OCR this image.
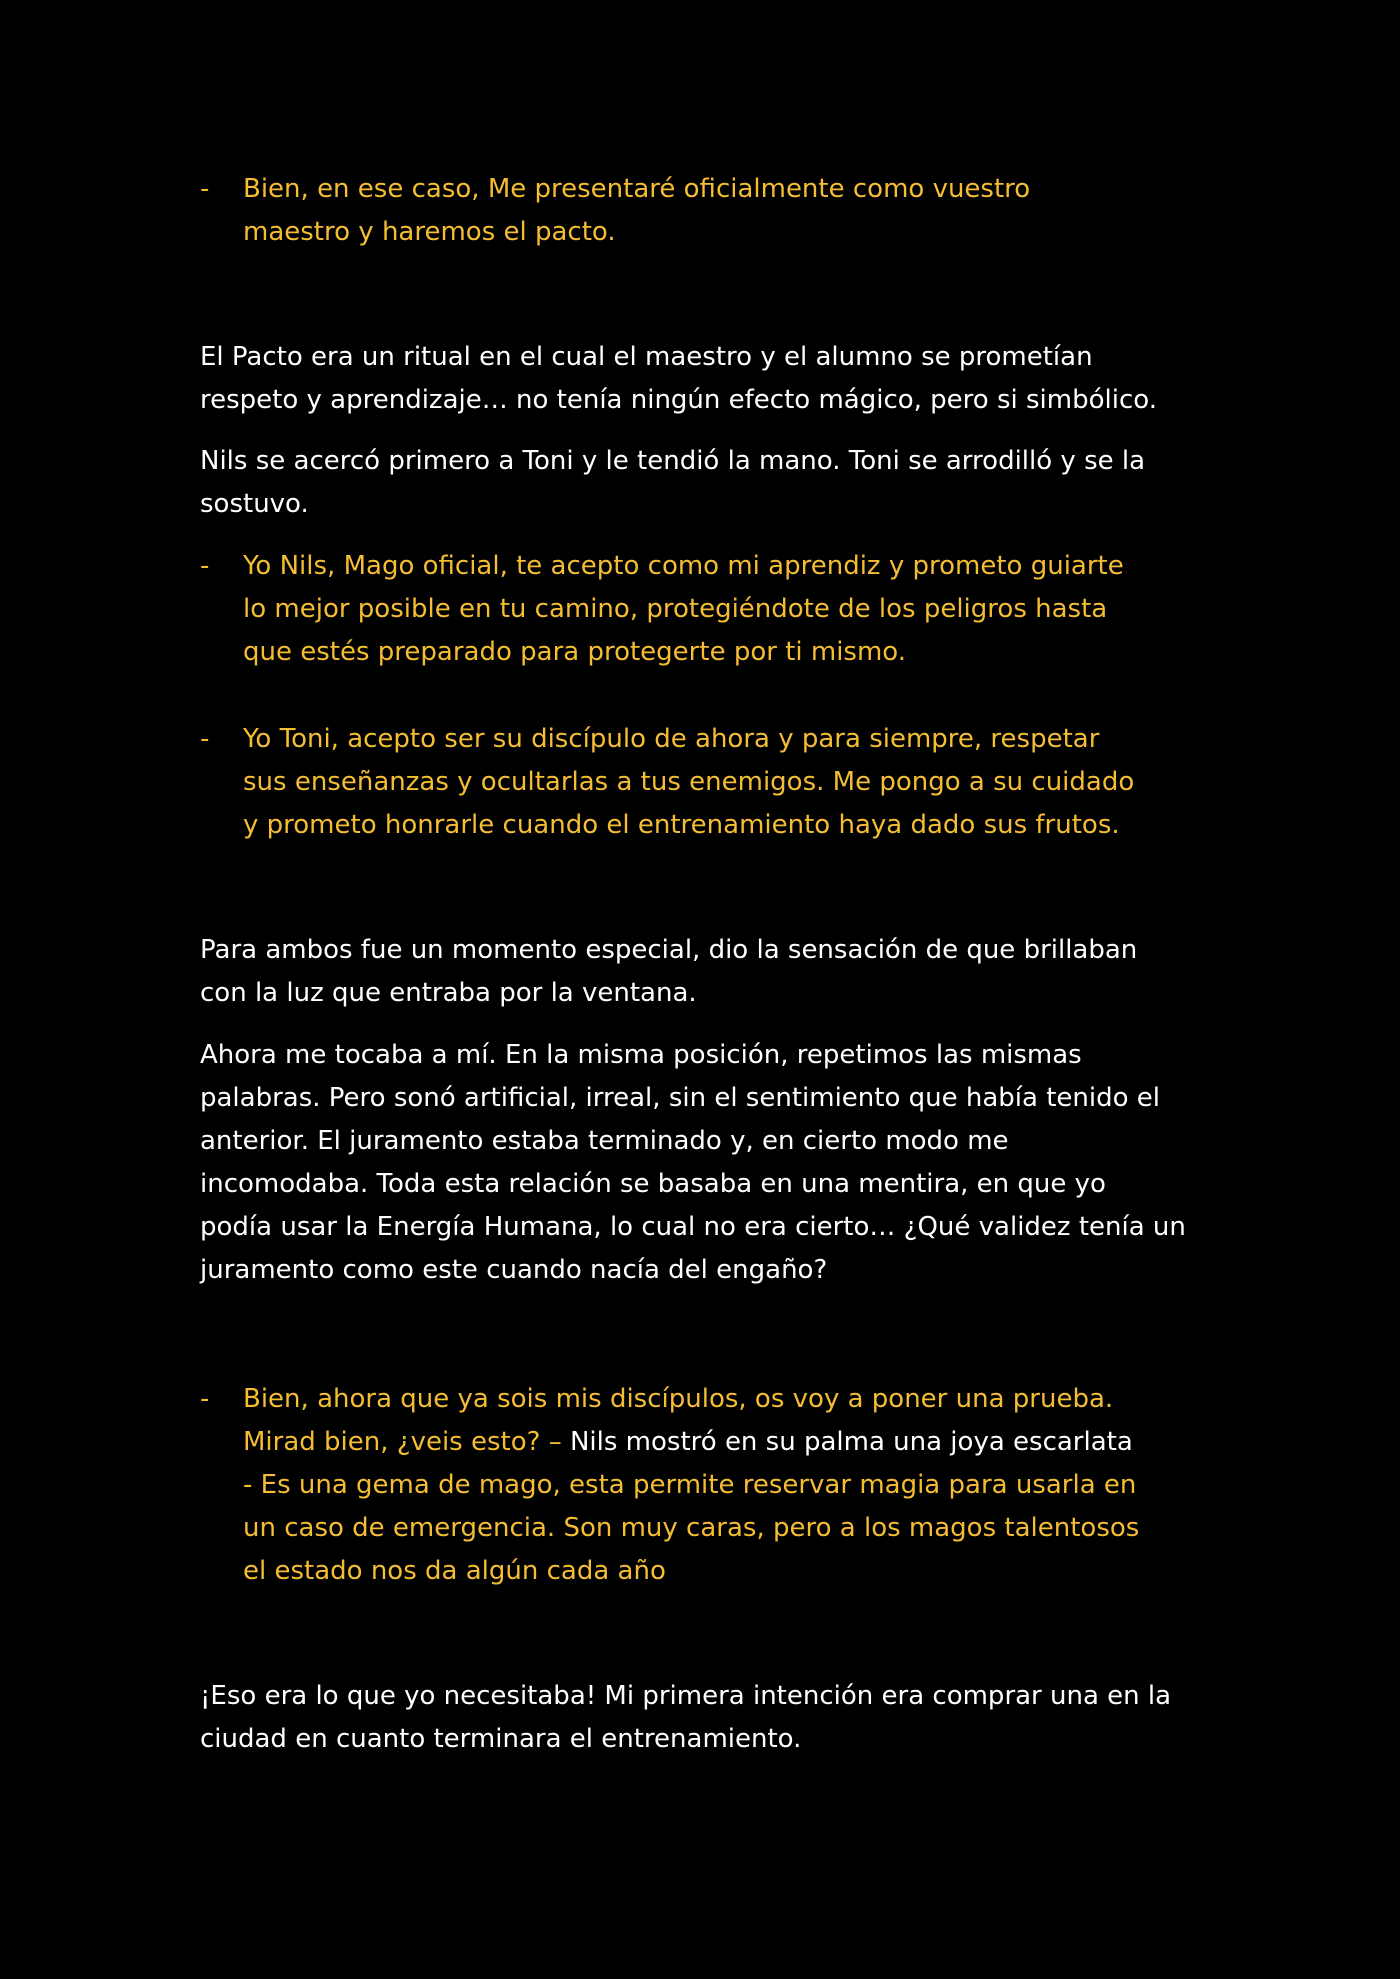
- Bien, en ese caso, Me presentaré oficialmente como vuestro
maestro y haremos el pacto.
El Pacto era un ritual en el cual el maestro y el alumno se prometían
respeto y aprendizaje… no tenía ningún efecto mágico, pero si simbólico.
Nils se acercó primero a Toni y le tendió la mano. Toni se arrodilló y se la
sostuvo.
- Yo Nils, Mago oficial, te acepto como mi aprendiz y prometo guiarte
lo mejor posible en tu camino, protegiéndote de los peligros hasta
que estés preparado para protegerte por ti mismo.
- Yo Toni, acepto ser su discípulo de ahora y para siempre, respetar
sus enseñanzas y ocultarlas a tus enemigos. Me pongo a su cuidado
y prometo honrarle cuando el entrenamiento haya dado sus frutos.
Para ambos fue un momento especial, dio la sensación de que brillaban
con la luz que entraba por la ventana.
Ahora me tocaba a mí. En la misma posición, repetimos las mismas
palabras. Pero sonó artificial, irreal, sin el sentimiento que había tenido el
anterior. El juramento estaba terminado y, en cierto modo me
incomodaba. Toda esta relación se basaba en una mentira, en que yo
podía usar la Energía Humana, lo cual no era cierto… ¿Qué validez tenía un
juramento como este cuando nacía del engaño?
- Bien, ahora que ya sois mis discípulos, os voy a poner una prueba.
Mirad bien, ¿veis esto? – Nils mostró en su palma una joya escarlata
- Es una gema de mago, esta permite reservar magia para usarla en
un caso de emergencia. Son muy caras, pero a los magos talentosos
el estado nos da algún cada año
¡Eso era lo que yo necesitaba! Mi primera intención era comprar una en la
ciudad en cuanto terminara el entrenamiento.
